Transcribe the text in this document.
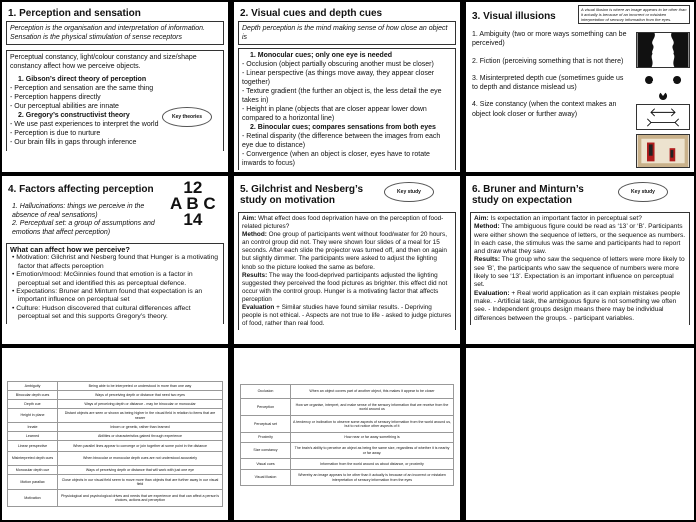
1. Perception and sensation
Perception is the organisation and interpretation of information.
Sensation is the physical stimulation of sense receptors
Perceptual constancy, light/colour constancy and size/shape constancy affect how we perceive objects.
1. Gibson’s direct theory of perception
- Perception and sensation are the same thing
- Perception happens directly
- Our perceptual abilities are innate
2. Gregory’s constructivist theory
- We use past experiences to interpret the world
- Perception is due to nurture
- Our brain fills in gaps through inference
Key theories
2. Visual cues and depth cues
Depth perception is the mind making sense of how close an object is
1. Monocular cues; only one eye is needed
- Occlusion (object partially obscuring another must be closer)
- Linear perspective (as things move away, they appear closer together)
- Texture gradient (the further an object is, the less detail the eye takes in)
- Height in plane (objects that are closer appear lower down compared to a horizontal line)
2. Binocular cues; compares sensations from both eyes
- Retinal disparity (the difference between the images from each eye due to distance)
- Convergence (when an object is closer, eyes have to rotate inwards to focus)
3. Visual illusions
A visual illusion is where an image appears to be other than it actually is because of an incorrect or mistaken interpretation of sensory information from the eyes.
1. Ambiguity (two or more ways something can be perceived)
2. Fiction (perceiving something that is not there)
3. Misinterpreted depth cue (sometimes guide us to depth and distance mislead us)
4. Size constancy (when the context makes an object look closer or further away)
4. Factors affecting perception	12
A B C
14
1. Hallucinations: things we perceive in the absence of real sensations)
2. Perceptual set: a group of assumptions and emotions that affect perception)
What can affect how we perceive?
• Motivation: Gilchrist and Nesberg found that Hunger is a motivating factor that affects perception
• Emotion/mood: McGinnies found that emotion is a factor in perceptual set and identified this as perceptual defence.
• Expectations: Bruner and Minturn found that expectation is an important influence on perceptual set
• Culture: Hudson discovered that cultural differences affect perceptual set and this supports Gregory’s theory.
5. Gilchrist and Nesberg’s study on motivation
Key study
Aim: What effect does food deprivation have on the perception of food-related pictures?
Method: One group of participants went without food/water for 20 hours, an control group did not. They were shown four slides of a meal for 15 seconds. After each slide the projector was turned off, and then on again but slightly dimmer. The participants were asked to adjust the lighting knob so the picture looked the same as before.
Results: The way the food-deprived participants adjusted the lighting suggested they perceived the food pictures as brighter. this effect did not occur with the control group. Hunger is a motivating factor that affects perception
Evaluation + Similar studies have found similar results. - Depriving people is not ethical. - Aspects are not true to life - asked to judge pictures of food, rather than real food.
6. Bruner and Minturn’s study on expectation
Key study
Aim: Is expectation an important factor in perceptual set?
Method: The ambiguous figure could be read as ‘13’ or ‘B’. Participants were either shown the sequence of letters, or the sequence as numbers. In each case, the stimulus was the same and participants had to report and draw what they saw.
Results: The group who saw the sequence of letters were more likely to see ‘B’, the participants who saw the sequence of numbers were more likely to see ‘13’. Expectation is an important influence on perceptual set.
Evaluation: + Real world application as it can explain mistakes people make. - Artificial task, the ambiguous figure is not something we often see. - Independent groups design means there may be individual differences between the groups. - participant variables.
Ambiguity	Being able to be interpreted or understood in more than one way
Binocular depth cues	Ways of perceiving depth or distance that need two eyes
Depth cue	Ways of perceiving depth or distance - may be binocular or monocular
Height in plane	Distant objects are seen or shown as being higher in the visual field in relation to items that are nearer
Innate	Inborn or genetic, rather than learned
Learned	Abilities or characteristics gained through experience
Linear perspective	When parallel lines appear to converge or join together at some point in the distance
Misinterpreted depth cues	When binocular or monocular depth cues are not understood accurately
Monocular depth cue	Ways of perceiving depth or distance that will work with just one eye
Motion parallax	Close objects in our visual field seem to move more than objects that are further away in our visual field
Motivation	Physiological and psychological drives and needs that we experience and that can affect a person’s choices, actions and perception
Occlusion	When an object covers part of another object, this makes it appear to be closer
Perception	How we organise, interpret, and make sense of the sensory information that we receive from the world around us
Perceptual set	A tendency or inclination to observe some aspects of sensory information from the world around us, but to not notice other aspects of it
Proximity	How near or far away something is
Size constancy	The brain’s ability to perceive an object as being the same size, regardless of whether it is nearby or far away.
Visual cues	Information from the world around us about distance, or proximity
Visual illusion	Whereby an image appears to be other than it actually is because of an incorrect or mistaken interpretation of sensory information from the eyes
